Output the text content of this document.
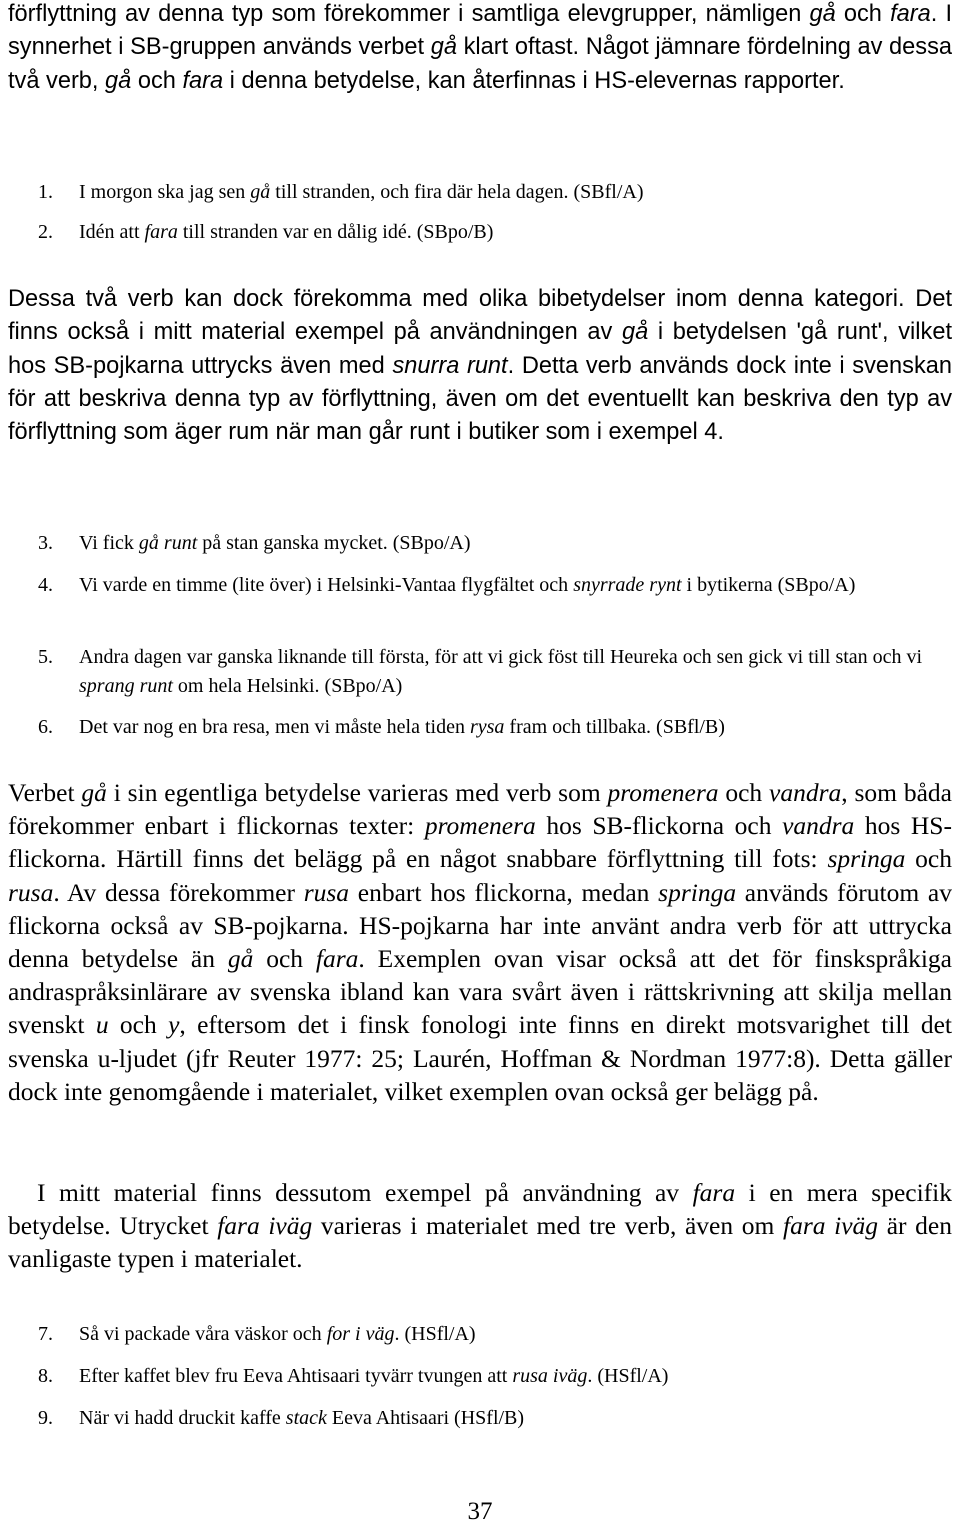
förflyttning av denna typ som förekommer i samtliga elevgrupper, nämligen gå och fara. I synnerhet i SB-gruppen används verbet gå klart oftast. Något jämnare fördelning av dessa två verb, gå och fara i denna betydelse, kan återfinnas i HS-elevernas rapporter.
1.	I morgon ska jag sen gå till stranden, och fira där hela dagen. (SBfl/A)
2.	Idén att fara till stranden var en dålig idé. (SBpo/B)
Dessa två verb kan dock förekomma med olika bibetydelser inom denna kategori. Det finns också i mitt material exempel på användningen av gå i betydelsen 'gå runt', vilket hos SB-pojkarna uttrycks även med snurra runt. Detta verb används dock inte i svenskan för att beskriva denna typ av förflyttning, även om det eventuellt kan beskriva den typ av förflyttning som äger rum när man går runt i butiker som i exempel 4.
3.	Vi fick gå runt på stan ganska mycket. (SBpo/A)
4.	Vi varde en timme (lite över) i Helsinki-Vantaa flygfältet och snyrrade rynt i bytikerna (SBpo/A)
5.	Andra dagen var ganska liknande till första, för att vi gick föst till Heureka och sen gick vi till stan och vi sprang runt om hela Helsinki. (SBpo/A)
6.	Det var nog en bra resa, men vi måste hela tiden rysa fram och tillbaka. (SBfl/B)
Verbet gå i sin egentliga betydelse varieras med verb som promenera och vandra, som båda förekommer enbart i flickornas texter: promenera hos SB-flickorna och vandra hos HS-flickorna. Härtill finns det belägg på en något snabbare förflyttning till fots: springa och rusa. Av dessa förekommer rusa enbart hos flickorna, medan springa används förutom av flickorna också av SB-pojkarna. HS-pojkarna har inte använt andra verb för att uttrycka denna betydelse än gå och fara. Exemplen ovan visar också att det för finskspråkiga andraspråksinlärare av svenska ibland kan vara svårt även i rättskrivning att skilja mellan svenskt u och y, eftersom det i finsk fonologi inte finns en direkt motsvarighet till det svenska u-ljudet (jfr Reuter 1977: 25; Laurén, Hoffman & Nordman 1977:8). Detta gäller dock inte genomgående i materialet, vilket exemplen ovan också ger belägg på.
I mitt material finns dessutom exempel på användning av fara i en mera specifik betydelse. Utrycket fara iväg varieras i materialet med tre verb, även om fara iväg är den vanligaste typen i materialet.
7.	Så vi packade våra väskor och for i väg. (HSfl/A)
8.	Efter kaffet blev fru Eeva Ahtisaari tyvärr tvungen att rusa iväg. (HSfl/A)
9.	När vi hadd druckit kaffe stack Eeva Ahtisaari (HSfl/B)
37
